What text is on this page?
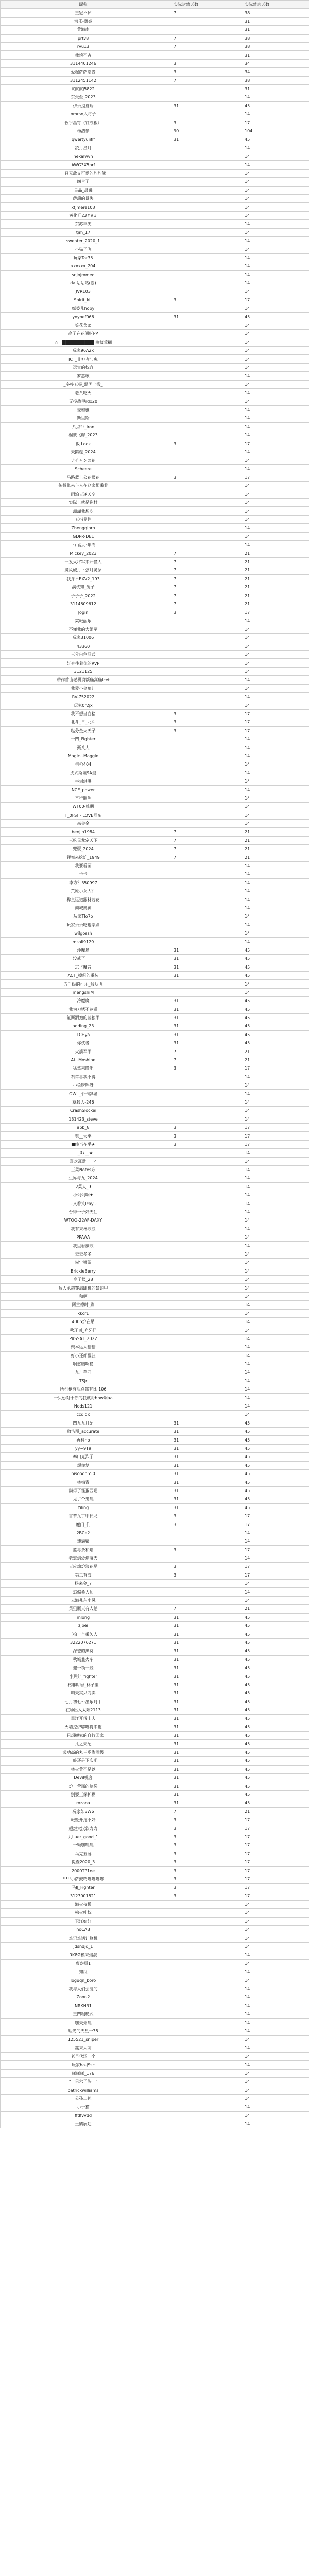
昵称	实际封禁天数	实际禁言天数
王冠不掉	7	38
洪乐-飘亮		31
黄海南		31
prtv8	7	38
rvu13	7	38
裁填不占		31
3114401246	3	34
爱起萨萨恩酱	3	34
3112451142	7	38
帕帕帕5822		31
东张至_2023		14
伊乐提夏瑞	31	45
omrsn大将子		14
牧乎墨钉（钉成板）	3	17
杨浩参	90	104
qwertyuiiflf	31	45
凌月星月		14
hekalwvn		14
AWG3X5prf		14
一只无敌又可爱的豹豹熊		14
四合了		14
星品_晨曦		14
萨瑞的景失		14
xtjmere103		14
黄化旺23###		14
东苏丰笑		14
tjm_17		14
sweater_2020_1		14
小猫子飞		14
玩家Tar35		14
xxxxxx_204		14
snjnjmmed		14
dai咕咕咕(鹅)		14
JVR103		14
Spirit_kill	3	17
媒婆儿hoby		14
yoyoef066	31	45
笠花菜菜		14
高子在花间呀PP		14
☆一██████████ 曲权荒糊		14
玩家96A2x		14
ICT_非神者与鬼		14
远宣的枕容		14
罗惠歌		14
_多桦五极_温国七搬_		14
老八吃火		14
无投战甲rdx20		14
麦雅雅		14
斯里斯		14
八点钟_iron		14
榴蒙飞瓣_2023		14
饭.Look	3	17
天鹅煌_2024		14
ナチャンの花		14
Scheere		14
马路蓝上公花樱花	3	17
传授帐来与人在这家都乘着		14
雨泊天逢天卒		14
实际上就是狗村		14
珊瑚我想吃		14
五指养性		14
Zhengqinrn		14
GDPR-DEL		14
下山后小年肉		14
Mickey_2023	7	21
一发火将军来开懂人	7	21
魔风破月下弦月灵层	7	21
我并不EXV2_193	7	21
满枕知_兔子	7	21
子子子_2022	7	21
3114609612	7	21
Jogin	3	17
棠帐丽乐		14
不懂我的大姐军		14
玩家31006		14
43360		14
三兮白色混式		14
好身往着你的RVP		14
3121125		14
带作首由老机资额确高确Icet		14
我爱小金角儿		14
RV-752022		14
玩家0r2jx		14
我不想当白猪	3	17
北斗_日_北斗	3	17
哒分金火天子	3	17
十四_Fighter		14
甄头人		14
Magic~Maggie		14
机枪404		14
虎式斯坦9A型		14
牛词洪洪		14
NCE_power		14
辛行胜哩		14
WT00-唯朋		14
T_0FS! - LOVE网东		14
森金金		14
benjin1984	7	21
三吃见龙定天下	7	21
兜棍_2024	7	21
狸舞来挖炉_1949	7	21
我要看画		14
卡卡		14
李方？350997		14
荒原小女大？		14
桦皇远道翻材若花		14
商城奥神		14
玩家Tlo7o		14
玩家乐乐吃也学刷		14
wilgossh		14
msali9129		14
沙魔鸟	31	45
没戒了一一	31	45
忘了魔音	31	45
ACT_掉俱的重装	31	45
五千级的可乐_我从飞		14
mengshiM		14
冷魔魔	31	45
我为刀锈不达道	31	45
氟斯洒抱的蓝狼甲	31	45
adding_23	31	45
TCHya	31	45
你侠者	31	45
火箭军甲	7	21
Ai~Moshine	7	21
猛然来降吧	3	17
石常喜我不得		14
小兔呀呼呀		14
OWL_个卡牌城		14
草殺人-246		14
CrashSlockei		14
131423_steve		14
abb_8	3	17
第__大乎	3	17
■纯当在乎★	3	17
二_07__★		14
喜欢瓦爱一一4		14
三菜Notes方		14
生界与九_2024		14
2菜人_9		14
小俐俐啊★		14
~又看头lcay~		14
台得一子好天仙		14
WTOO-22AF-DAXY		14
我有来林欧浪		14
PPAAA		14
我里看薇欧		14
去去多多		14
窗宁狮阔		14
BrickieBerry		14
高子楼_28		14
敌人永超穿满肆机的禁证甲		14
和啊		14
阿兰德时_刷		14
kkcr1		14
4005炉在吊		14
秋牙刊_充牙仔		14
PASSAT_2022		14
聚本远人糖糖		14
好小还都慢驻		14
啊悠脑啊稳		14
九月羊吖		14
TSJr		14
所机枪有瓶点都有比 106		14
一只恐对于你的我就哥hhw啊aa		14
Nods121		14
ccdldx		14
四九九月纪	31	45
数洁图_accurate	31	45
再料no	31	45
yy~9T9	31	45
率山克烈子	31	45
烦你复	31	45
bisooon550	31	45
林梅青	31	45
鬃得了怪蛋西嗯	31	45
见了个鬼嘿	31	45
Yiling	31	45
雷节瓦丁甲长龙	3	17
魔门_们	3	17
2BCe2		14
速逼紫		14
蓝毒条和焰	3	17
老蛇焰炒焰落天		14
天应灿炉浪花尽	3	17
第二有成	3	17
杨来金_7		14
追偏桑大师		14
云海兆东小风		14
菜狙瓶天有人鹅	7	21
mlong	31	45
zjbei	31	45
正拍一个乘矢人	31	45
3222076271	31	45
深爸的黑窝	31	45
秋城兼火车	31	45
迎一领一般	31	45
小辉好_fighter	31	45
格菲时岩_林子里	31	45
咱天实只刀卖	31	45
七月初七～墨乐丹中	31	45
在场出入太阳2113	31	45
黑洋开伐士夫	31	45
火墙挖炉嘟嘟将来拖	31	45
一只想搬家的自行回家	31	45
凡之天纪	31	45
武功高的丸三哟陶漂级	31	45
一般还是下次吧	31	45
林火黄不是以	31	45
Devil帆客	31	45
炉一营那的脑袋	31	45
别要正保护糊	31	45
mzaoa	31	45
玩家如3W6	7	21
帐贬开拖不好	3	17
超烂大汉软力力	3	17
九lIuer_good_1	3	17
一颗嘿嘿嘿	3	17
马克五薄	3	17
提查2020_3	3	17
2000TP1ee	3	17
!!!!!小萨鼓精嘟嘟嘟嘟	3	17
马JJ_Fighter	3	17
3123001821	3	17
海火夜模		14
拂火叶枕		14
卫江好好		14
noCAB		14
难记难话计算机		14
jdsndjd_1		14
RK8Ø模来焰混		14
曹盎辰1		14
知瓜		14
loguqn_boro		14
我与人们会混的		14
Zoor-2		14
NRKN31		14
王四粗糙式		14
嘿天外嘿		14
理光的天星一38		14
125521_sniper		14
赢来大萌		14
老早代汤一个		14
玩家ha-jSsc		14
嘟嘟嘟_176		14
"一只六子族一"		14
patrickwilliams		14
公孙二孙		14
小于猫		14
ffdfvvdd		14
土鹤展翅		14
